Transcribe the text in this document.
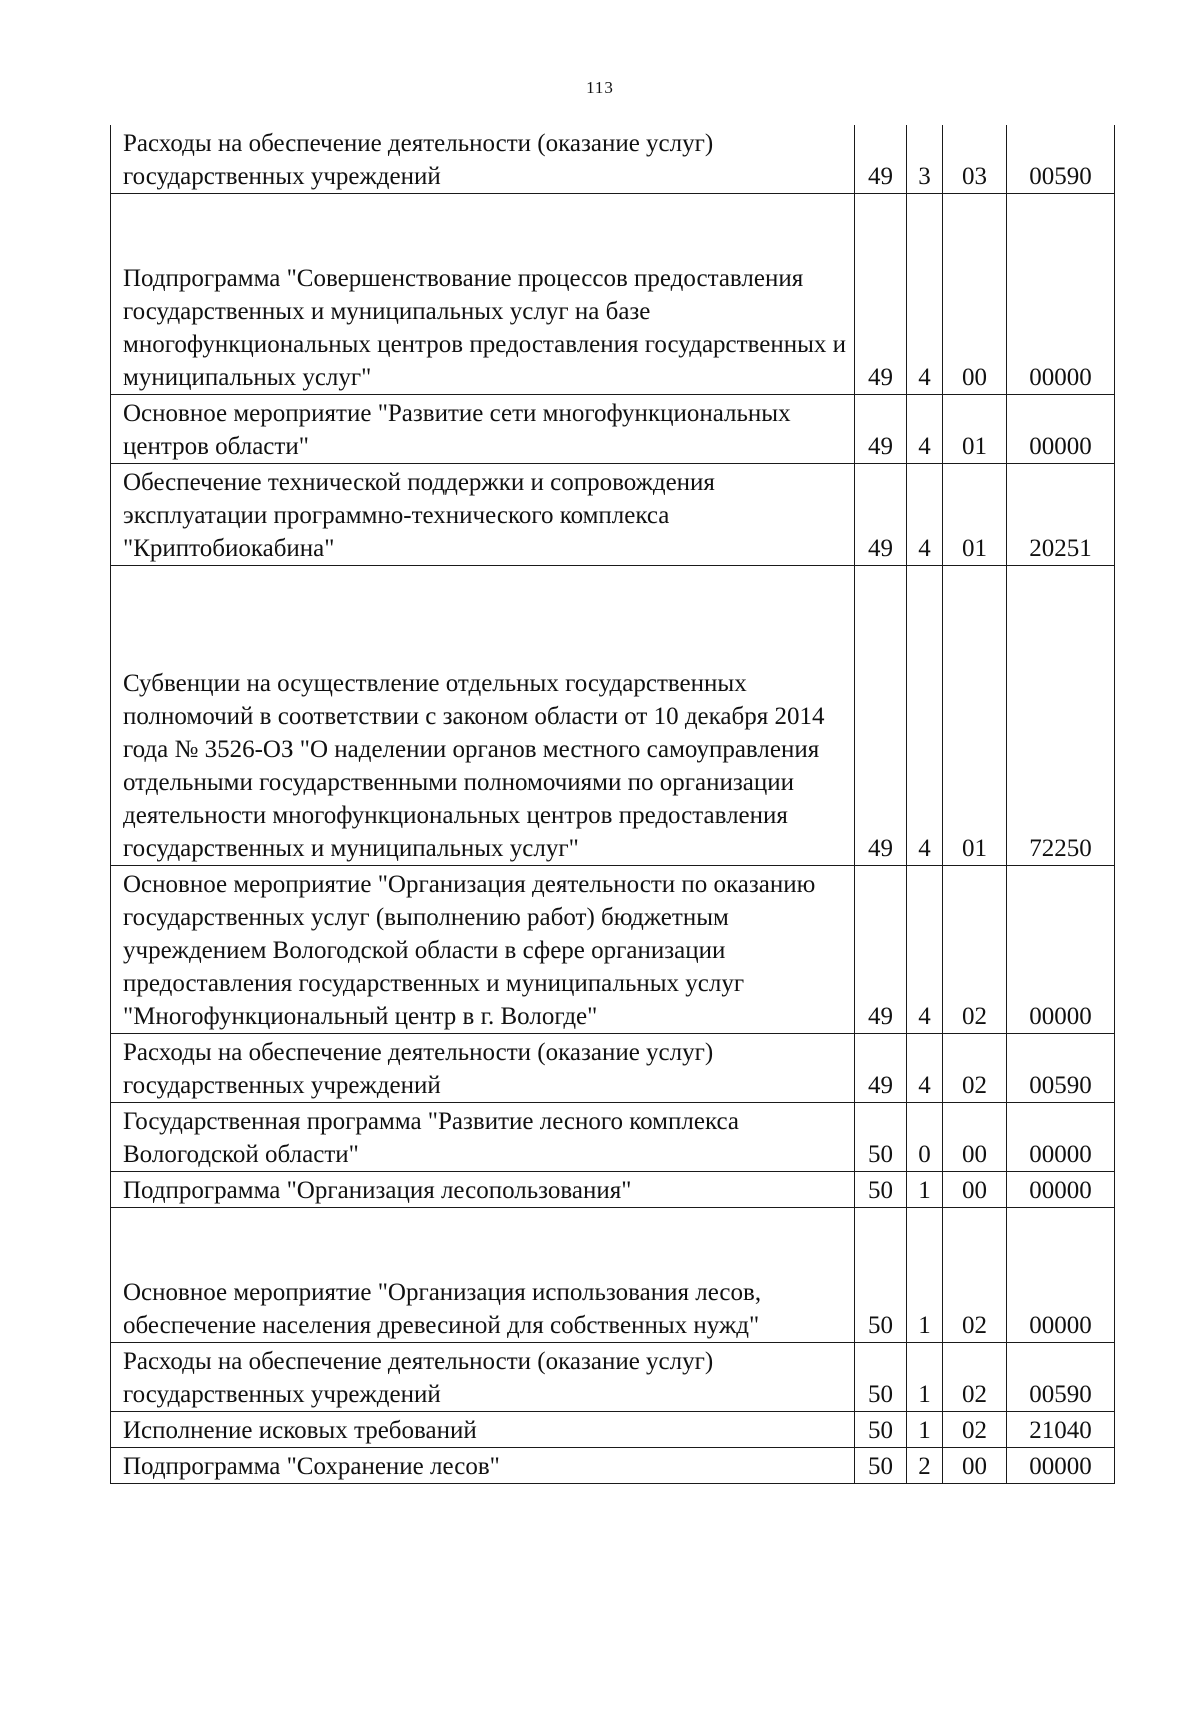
113
Расходы на обеспечение деятельности (оказание услуг) государственных учреждений	49	3	03	00590

Подпрограмма "Совершенствование процессов предоставления государственных и муниципальных услуг на базе многофункциональных центров предоставления государственных и муниципальных услуг"	49	4	00	00000
Основное мероприятие "Развитие сети многофункциональных центров области"	49	4	01	00000
Обеспечение технической поддержки и сопровождения эксплуатации программно-технического комплекса "Криптобиокабина"	49	4	01	20251

Субвенции на осуществление отдельных государственных полномочий в соответствии с законом области от 10 декабря 2014 года № 3526-ОЗ "О наделении органов местного самоуправления отдельными государственными полномочиями по организации деятельности многофункциональных центров предоставления государственных и муниципальных услуг"	49	4	01	72250
Основное мероприятие "Организация деятельности по оказанию государственных услуг (выполнению работ) бюджетным учреждением Вологодской области в сфере организации предоставления государственных и муниципальных услуг "Многофункциональный центр в г. Вологде"	49	4	02	00000
Расходы на обеспечение деятельности (оказание услуг) государственных учреждений	49	4	02	00590
Государственная программа "Развитие лесного комплекса Вологодской области"	50	0	00	00000
Подпрограмма "Организация лесопользования"	50	1	00	00000

Основное мероприятие "Организация использования лесов, обеспечение населения древесиной для собственных нужд"	50	1	02	00000
Расходы на обеспечение деятельности (оказание услуг) государственных учреждений	50	1	02	00590
Исполнение исковых требований	50	1	02	21040
Подпрограмма "Сохранение лесов"	50	2	00	00000
